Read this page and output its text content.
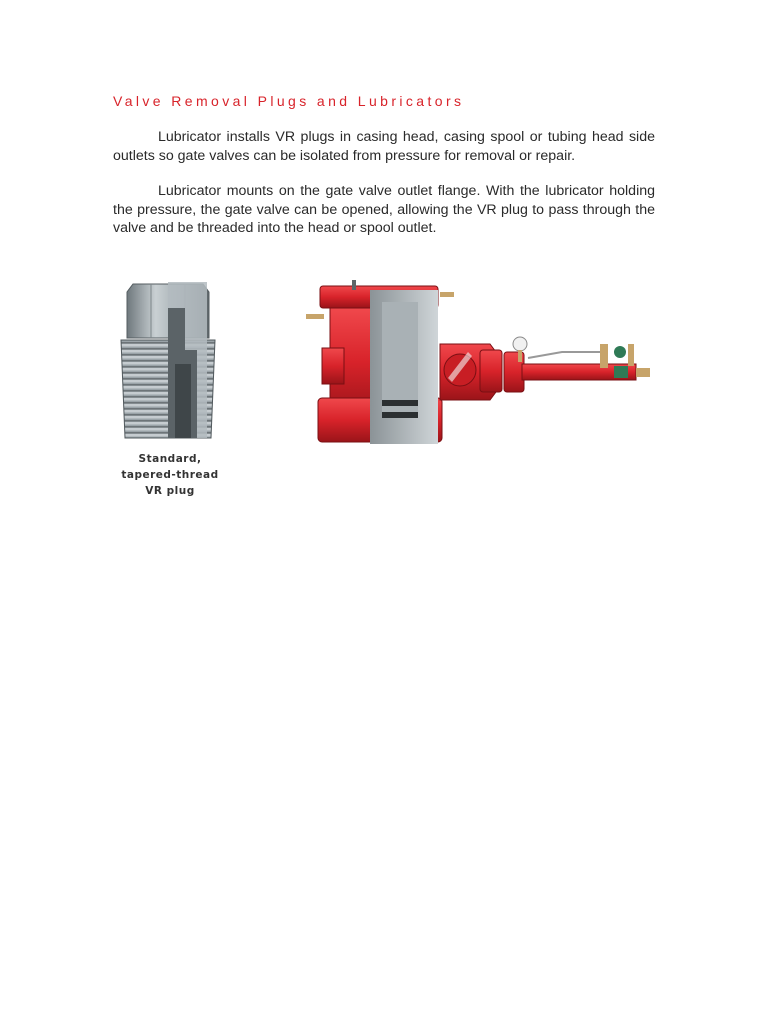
Valve Removal Plugs and Lubricators

Lubricator installs VR plugs in casing head, casing spool or tubing head side outlets so gate valves can be isolated from pressure for removal or repair.

Lubricator mounts on the gate valve outlet flange. With the lubricator holding the pressure, the gate valve can be opened, allowing the VR plug to pass through the valve and be threaded into the head or spool outlet.

Standard,
tapered-thread
VR plug
